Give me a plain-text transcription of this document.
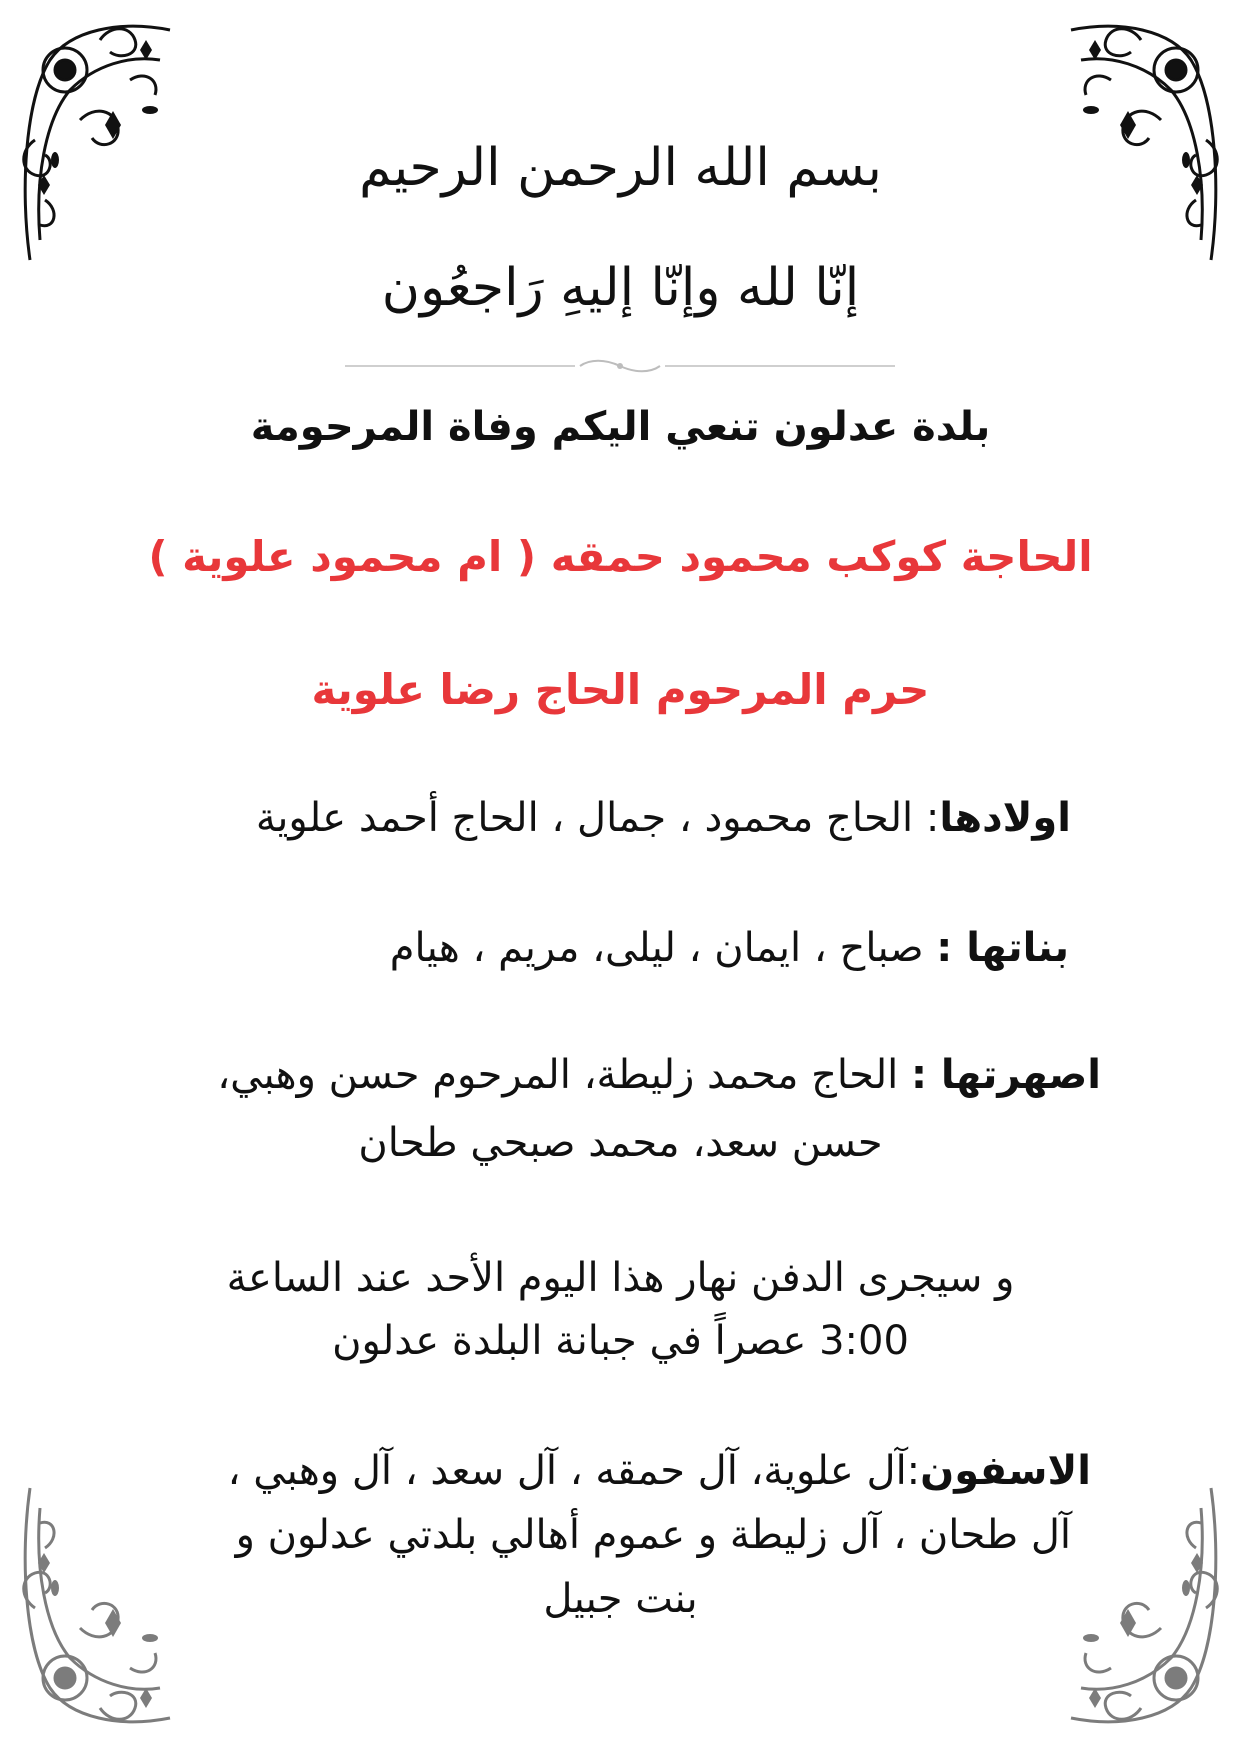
بسم الله الرحمن الرحيم
إنّا لله وإنّا إليهِ رَاجعُون
بلدة عدلون تنعي اليكم وفاة المرحومة
الحاجة كوكب محمود حمقه ( ام محمود علوية )
حرم المرحوم الحاج رضا علوية
اولادها: الحاج محمود ، جمال ، الحاج أحمد علوية
بناتها : صباح ، ايمان ، ليلى، مريم ، هيام
اصهرتها : الحاج محمد زليطة، المرحوم حسن وهبي،
حسن سعد، محمد صبحي طحان
و سيجرى الدفن نهار هذا اليوم الأحد عند الساعة
3:00 عصراً في جبانة البلدة عدلون
الاسفون:آل علوية، آل حمقه ، آل سعد ، آل وهبي ،
آل طحان ، آل زليطة و عموم أهالي بلدتي عدلون و
بنت جبيل
